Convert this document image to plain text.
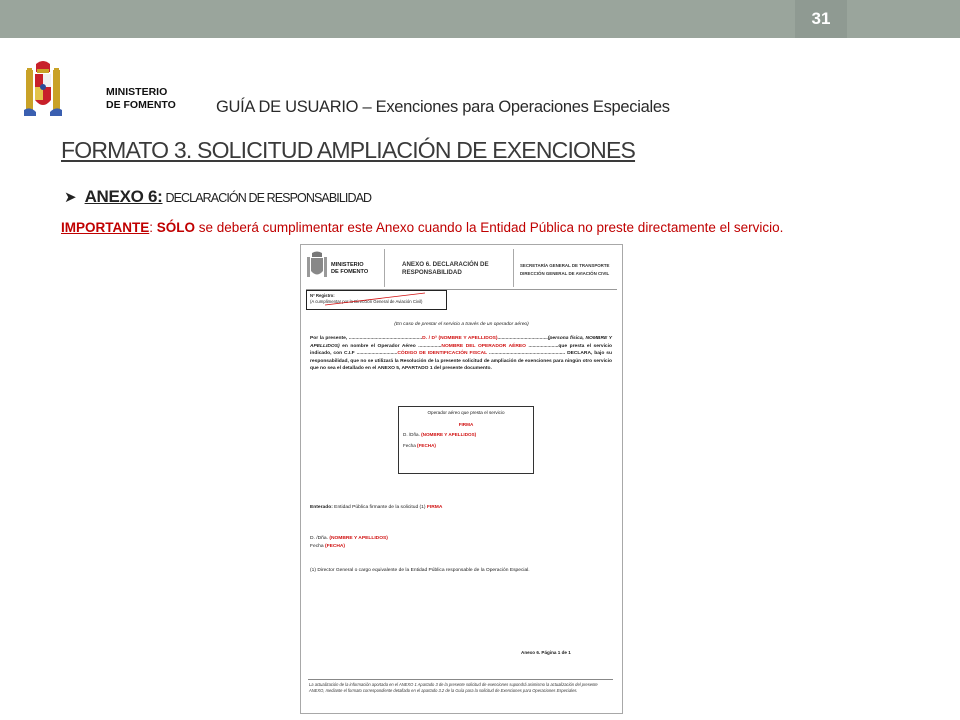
31
MINISTERIO
DE FOMENTO GUÍA DE USUARIO – Exenciones para Operaciones Especiales
FORMATO 3. SOLICITUD AMPLIACIÓN DE EXENCIONES
➤ ANEXO 6: DECLARACIÓN DE RESPONSABILIDAD
IMPORTANTE: SÓLO se deberá cumplimentar este Anexo cuando la Entidad Pública no preste directamente el servicio.
MINISTERIO
DE FOMENTO
ANEXO 6. DECLARACIÓN DE
RESPONSABILIDAD
SECRETARÍA GENERAL DE TRANSPORTE
DIRECCIÓN GENERAL DE AVIACIÓN CIVIL
Nº Registro:
(A cumplimentar por la Dirección General de Aviación Civil)
(En caso de prestar el servicio a través de un operador aéreo)
Por la presente, ......................................................D. / Dª (NOMBRE Y APELLIDOS).....................................(persona física, NOMBRE Y APELLIDOS) en nombre el Operador Aéreo .................NOMBRE DEL OPERADOR AÉREO ......................que presta el servicio indicado, con C.I.F ..............................CÓDIGO DE IDENTIFICACIÓN FISCAL ........................................................ DECLARA, bajo su responsabilidad, que no se utilizará la Resolución de la presente solicitud de ampliación de exenciones para ningún otro servicio que no sea el detallado en el ANEXO 5, APARTADO 1 del presente documento.
Operador aéreo que presta el servicio
FIRMA
D. /Dña. (NOMBRE Y APELLIDOS)
Fecha (FECHA)
Enterado: Entidad Pública firmante de la solicitud (1) FIRMA
D. /Dña. (NOMBRE Y APELLIDOS)
Fecha (FECHA)
(1) Director General o cargo equivalente de la Entidad Pública responsable de la Operación Especial.
Anexo 6. Página 1 de 1
La actualización de la información aportada en el ANEXO 1 Apartado 3 de la presente solicitud de exenciones supondrá asimismo la actualización del presente ANEXO, mediante el formato correspondiente detallado en el apartado 3.2 de la Guía para la solicitud de Exenciones para Operaciones Especiales.
